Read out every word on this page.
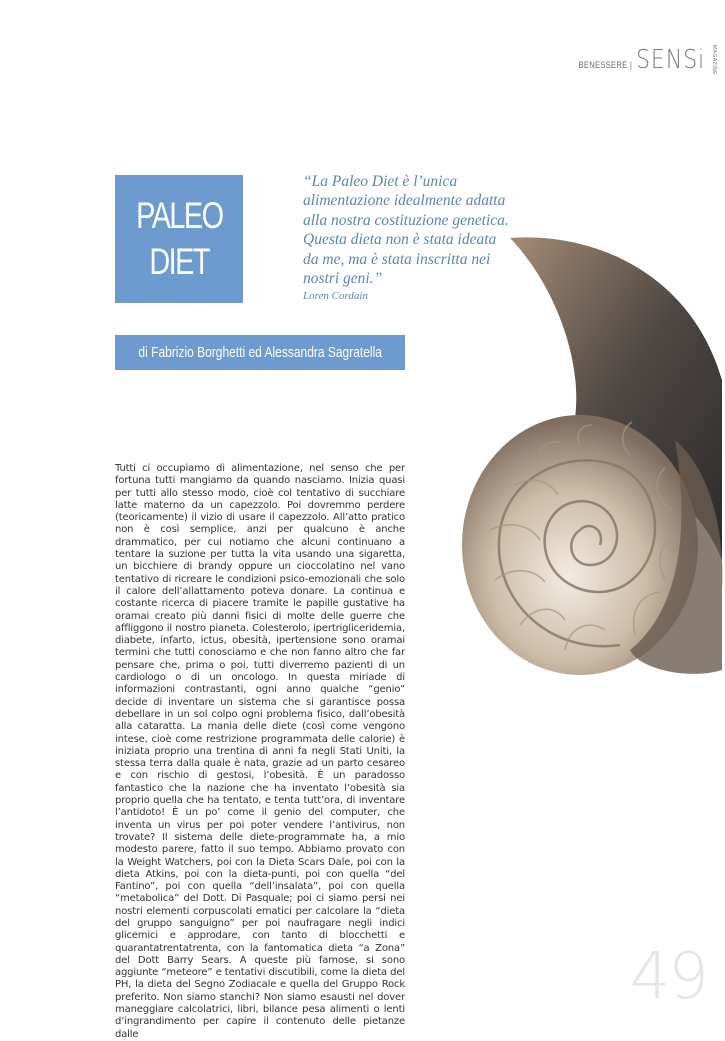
BENESSERE | SENSi MAGAZINE
PALEO
DIET
“La Paleo Diet è l’unica alimentazione idealmente adatta alla nostra costituzione genetica. Questa dieta non è stata ideata da me, ma è stata inscritta nei nostri geni.”
Loren Cordain
di Fabrizio Borghetti ed Alessandra Sagratella

Tutti ci occupiamo di alimentazione, nel senso che per fortuna tutti mangiamo da quando nasciamo. Inizia quasi per tutti allo stesso modo, cioè col tentativo di succhiare latte materno da un capezzolo. Poi dovremmo perdere (teoricamente) il vizio di usare il capezzolo. All’atto pratico non è così semplice, anzi per qualcuno è anche drammatico, per cui notiamo che alcuni continuano a tentare la suzione per tutta la vita usando una sigaretta, un bicchiere di brandy oppure un cioccolatino nel vano tentativo di ricreare le condizioni psico-emozionali che solo il calore dell’allattamento poteva donare. La continua e costante ricerca di piacere tramite le papille gustative ha oramai creato più danni fisici di molte delle guerre che affliggono il nostro pianeta. Colesterolo, ipertrigliceridemia, diabete, infarto, ictus, obesità, ipertensione sono oramai termini che tutti conosciamo e che non fanno altro che far pensare che, prima o poi, tutti diverremo pazienti di un cardiologo o di un oncologo. In questa miriade di informazioni contrastanti, ogni anno qualche “genio” decide di inventare un sistema che si garantisce possa debellare in un sol colpo ogni problema fisico, dall’obesità alla cataratta. La mania delle diete (così come vengono intese, cioè come restrizione programmata delle calorie) è iniziata proprio una trentina di anni fa negli Stati Uniti, la stessa terra dalla quale è nata, grazie ad un parto cesareo e con rischio di gestosi, l’obesità. È un paradosso fantastico che la nazione che ha inventato l’obesità sia proprio quella che ha tentato, e tenta tutt’ora, di inventare l’antidoto! È un po’ come il genio del computer, che inventa un virus per poi poter vendere l’antivirus, non trovate? Il sistema delle diete-programmate ha, a mio modesto parere, fatto il suo tempo. Abbiamo provato con la Weight Watchers, poi con la Dieta Scars Dale, poi con la dieta Atkins, poi con la dieta-punti, poi con quella “del Fantino”, poi con quella “dell’insalata”, poi con quella “metabolica” del Dott. Di Pasquale; poi ci siamo persi nei nostri elementi corpuscolati ematici per calcolare la “dieta del gruppo sanguigno” per poi naufragare negli indici glicemici e approdare, con tanto di blocchetti e quarantatrentatrenta, con la fantomatica dieta “a Zona” del Dott Barry Sears. A queste più famose, si sono aggiunte “meteore” e tentativi discutibili, come la dieta del PH, la dieta del Segno Zodiacale e quella del Gruppo Rock preferito. Non siamo stanchi? Non siamo esausti nel dover maneggiare calcolatrici, libri, bilance pesa alimenti o lenti d’ingrandimento per capire il contenuto delle pietanze dalle

49
